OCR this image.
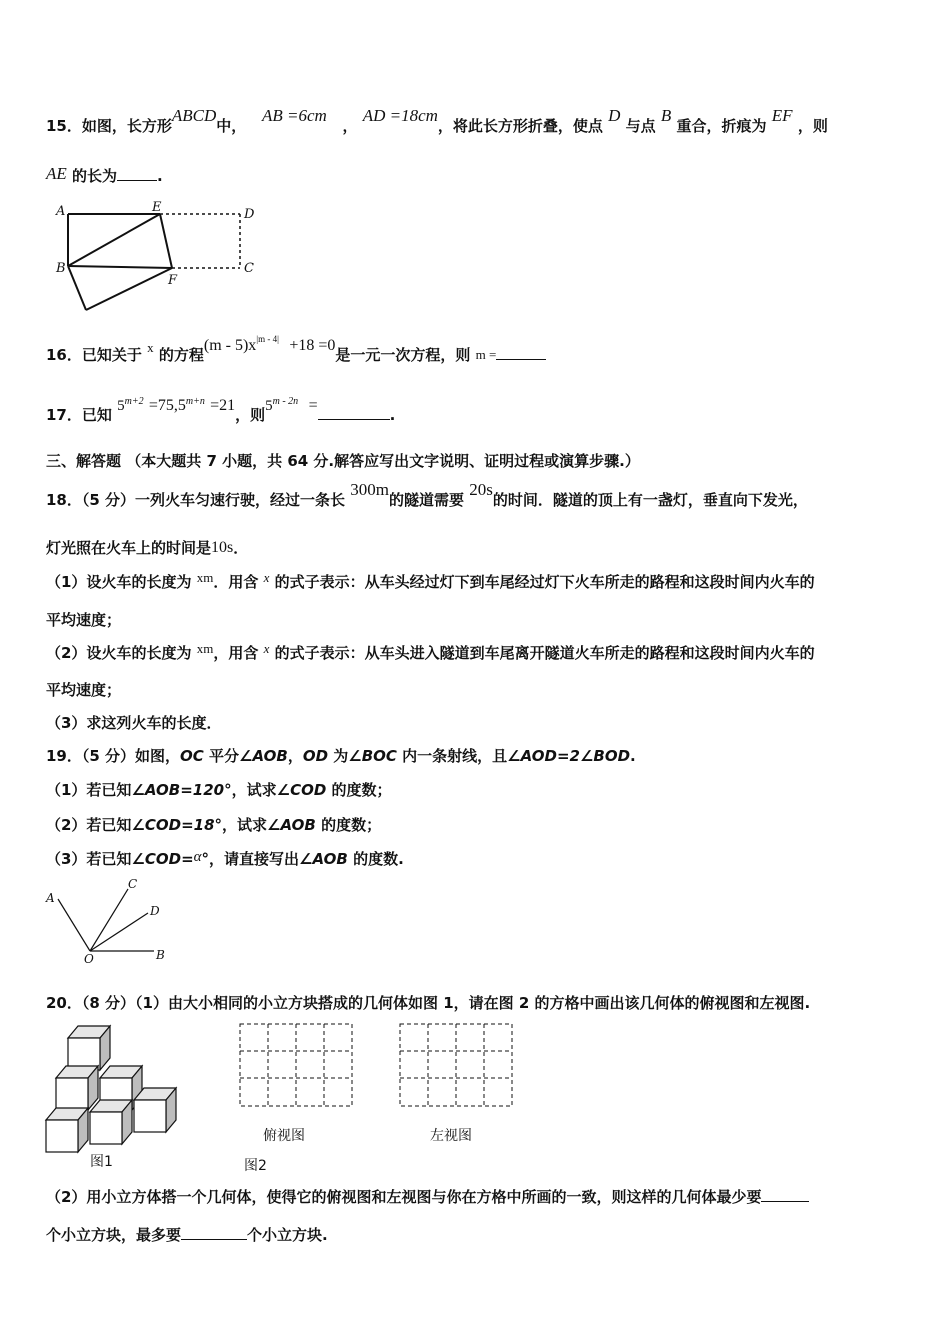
15．如图，长方形ABCD中，   AB =6cm   ， AD =18cm，将此长方形折叠，使点 D 与点 B 重合，折痕为 EF ，则
AE 的长为	.
A	E	D
B	C
F
16．已知关于 x 的方程$(m - 5)x^{|m - 4|} +18 =0$是一元一次方程，则 m =
17．已知 $5^{m+2} =75,5^{m+n} =21$，则$5^{m - 2n}$ =.
三、解答题 （本大题共 7 小题，共 64 分.解答应写出文字说明、证明过程或演算步骤.）
18．（5 分）一列火车匀速行驶，经过一条长 300m的隧道需要 20s的时间．隧道的顶上有一盏灯，垂直向下发光，
灯光照在火车上的时间是10s．
（1）设火车的长度为 xm．用含 x 的式子表示：从车头经过灯下到车尾经过灯下火车所走的路程和这段时间内火车的
平均速度；
（2）设火车的长度为 xm，用含 x 的式子表示：从车头进入隧道到车尾离开隧道火车所走的路程和这段时间内火车的
平均速度；
（3）求这列火车的长度．
19．（5 分）如图，OC 平分∠AOB，OD 为∠BOC 内一条射线，且∠AOD=2∠BOD.
（1）若已知∠AOB=120°，试求∠COD 的度数；
（2）若已知∠COD=18°，试求∠AOB 的度数；
（3）若已知∠COD=α°，请直接写出∠AOB 的度数.
A
C
D
O	B
20．（8 分）（1）由大小相同的小立方块搭成的几何体如图 1，请在图 2 的方格中画出该几何体的俯视图和左视图.
图1
俯视图	左视图
图2
（2）用小立方体搭一个几何体，使得它的俯视图和左视图与你在方格中所画的一致，则这样的几何体最少要
个小立方块，最多要	个小立方块.
